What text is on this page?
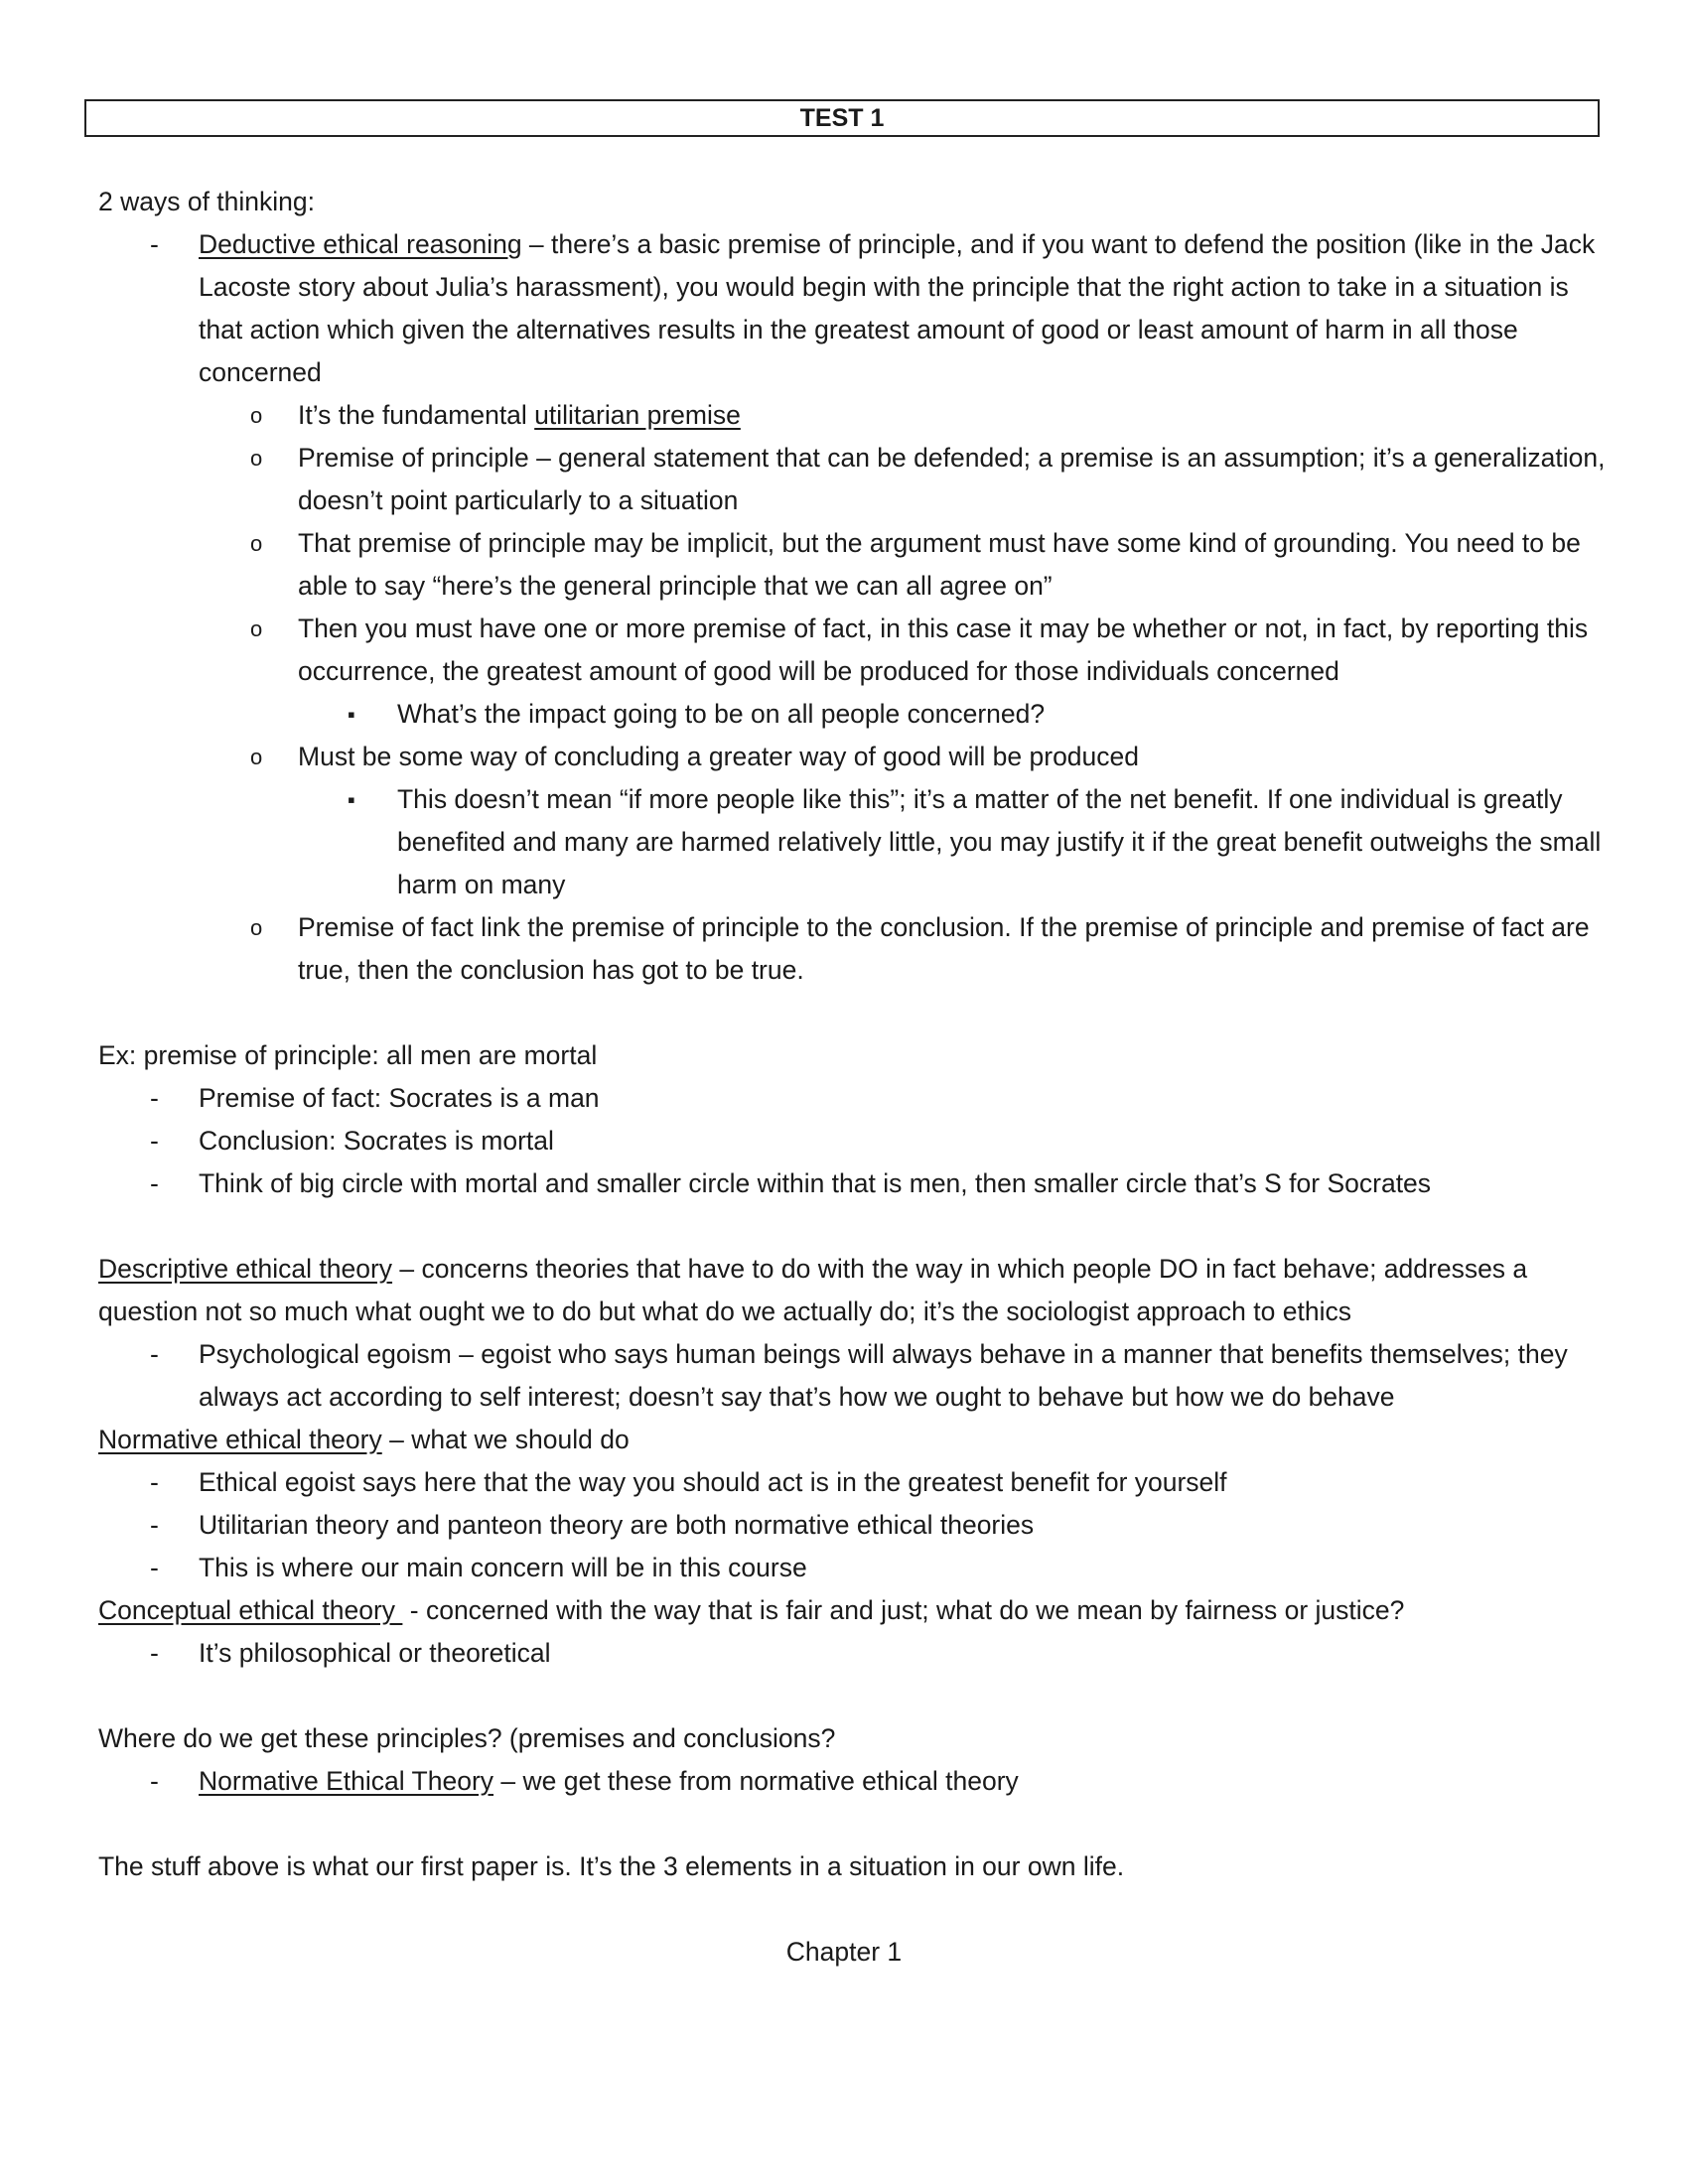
TEST 1

2 ways of thinking:

- Deductive ethical reasoning – there’s a basic premise of principle, and if you want to defend the position (like in the Jack Lacoste story about Julia’s harassment), you would begin with the principle that the right action to take in a situation is that action which given the alternatives results in the greatest amount of good or least amount of harm in all those concerned
o It’s the fundamental utilitarian premise
o Premise of principle – general statement that can be defended; a premise is an assumption; it’s a generalization, doesn’t point particularly to a situation
o That premise of principle may be implicit, but the argument must have some kind of grounding. You need to be able to say “here’s the general principle that we can all agree on”
o Then you must have one or more premise of fact, in this case it may be whether or not, in fact, by reporting this occurrence, the greatest amount of good will be produced for those individuals concerned
▪ What’s the impact going to be on all people concerned?
o Must be some way of concluding a greater way of good will be produced
▪ This doesn’t mean “if more people like this”; it’s a matter of the net benefit. If one individual is greatly benefited and many are harmed relatively little, you may justify it if the great benefit outweighs the small harm on many
o Premise of fact link the premise of principle to the conclusion. If the premise of principle and premise of fact are true, then the conclusion has got to be true.

Ex: premise of principle: all men are mortal

- Premise of fact: Socrates is a man
- Conclusion: Socrates is mortal
- Think of big circle with mortal and smaller circle within that is men, then smaller circle that’s S for Socrates

Descriptive ethical theory – concerns theories that have to do with the way in which people DO in fact behave; addresses a question not so much what ought we to do but what do we actually do; it’s the sociologist approach to ethics

- Psychological egoism – egoist who says human beings will always behave in a manner that benefits themselves; they always act according to self interest; doesn’t say that’s how we ought to behave but how we do behave

Normative ethical theory – what we should do

- Ethical egoist says here that the way you should act is in the greatest benefit for yourself
- Utilitarian theory and panteon theory are both normative ethical theories
- This is where our main concern will be in this course

Conceptual ethical theory  - concerned with the way that is fair and just; what do we mean by fairness or justice?

- It’s philosophical or theoretical

Where do we get these principles? (premises and conclusions?

- Normative Ethical Theory – we get these from normative ethical theory

The stuff above is what our first paper is. It’s the 3 elements in a situation in our own life.

Chapter 1
